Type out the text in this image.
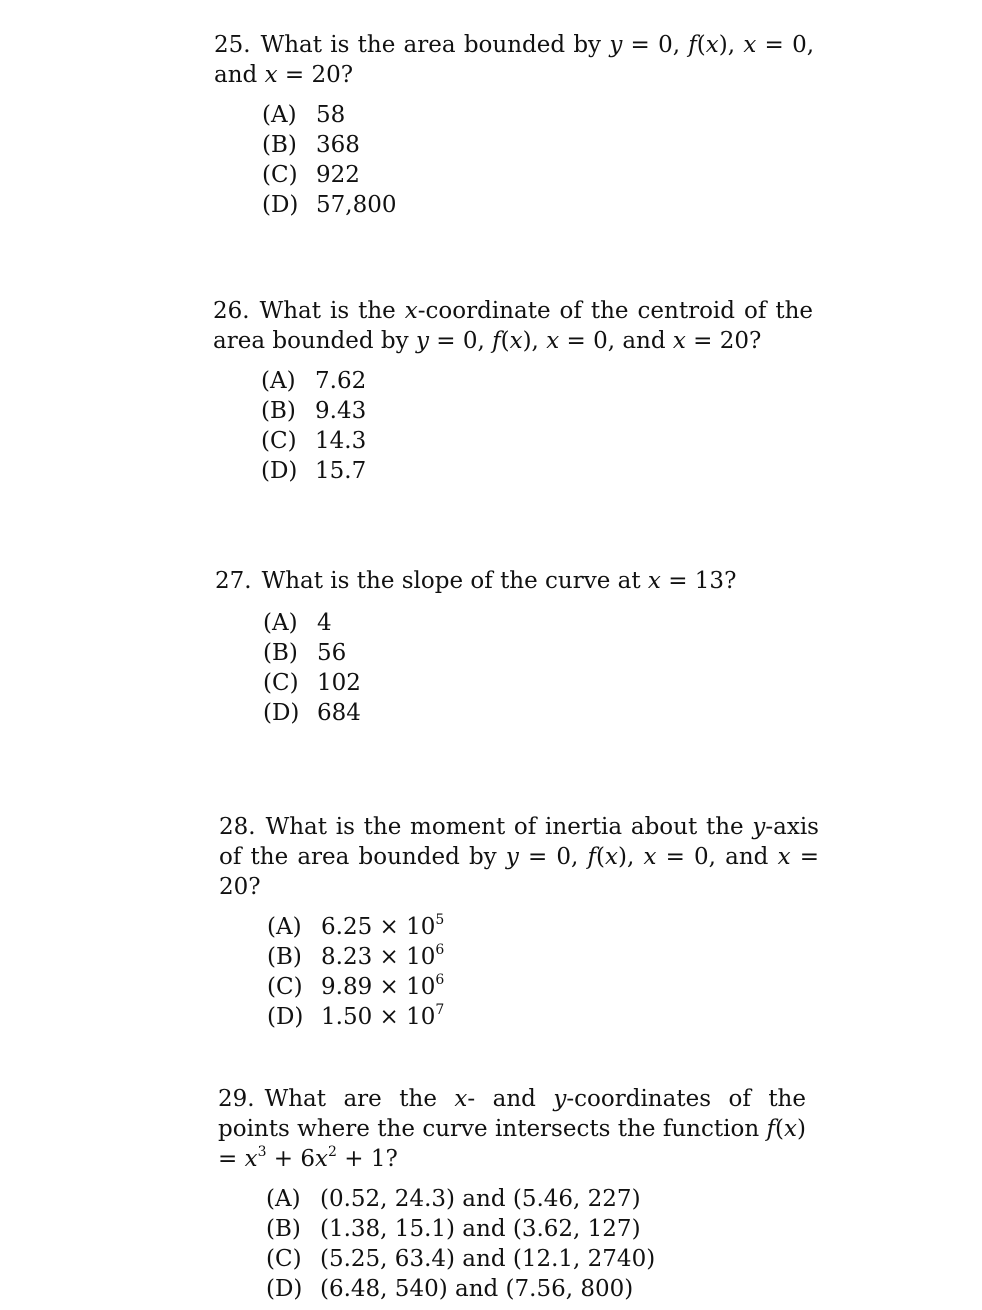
25. What is the area bounded by y = 0, f(x), x = 0, and x = 20?

(A) 58
(B) 368
(C) 922
(D) 57,800

26. What is the x-coordinate of the centroid of the area bounded by y = 0, f(x), x = 0, and x = 20?

(A) 7.62
(B) 9.43
(C) 14.3
(D) 15.7

27. What is the slope of the curve at x = 13?

(A) 4
(B) 56
(C) 102
(D) 684

28. What is the moment of inertia about the y-axis of the area bounded by y = 0, f(x), x = 0, and x = 20?

(A) $6.25 \times 10^5$
(B) $8.23 \times 10^6$
(C) $9.89 \times 10^6$
(D) $1.50 \times 10^7$

29. What are the x- and y-coordinates of the points where the curve intersects the function $f(x) = x^3 + 6x^2 + 1$?

(A) (0.52, 24.3) and (5.46, 227)
(B) (1.38, 15.1) and (3.62, 127)
(C) (5.25, 63.4) and (12.1, 2740)
(D) (6.48, 540) and (7.56, 800)
